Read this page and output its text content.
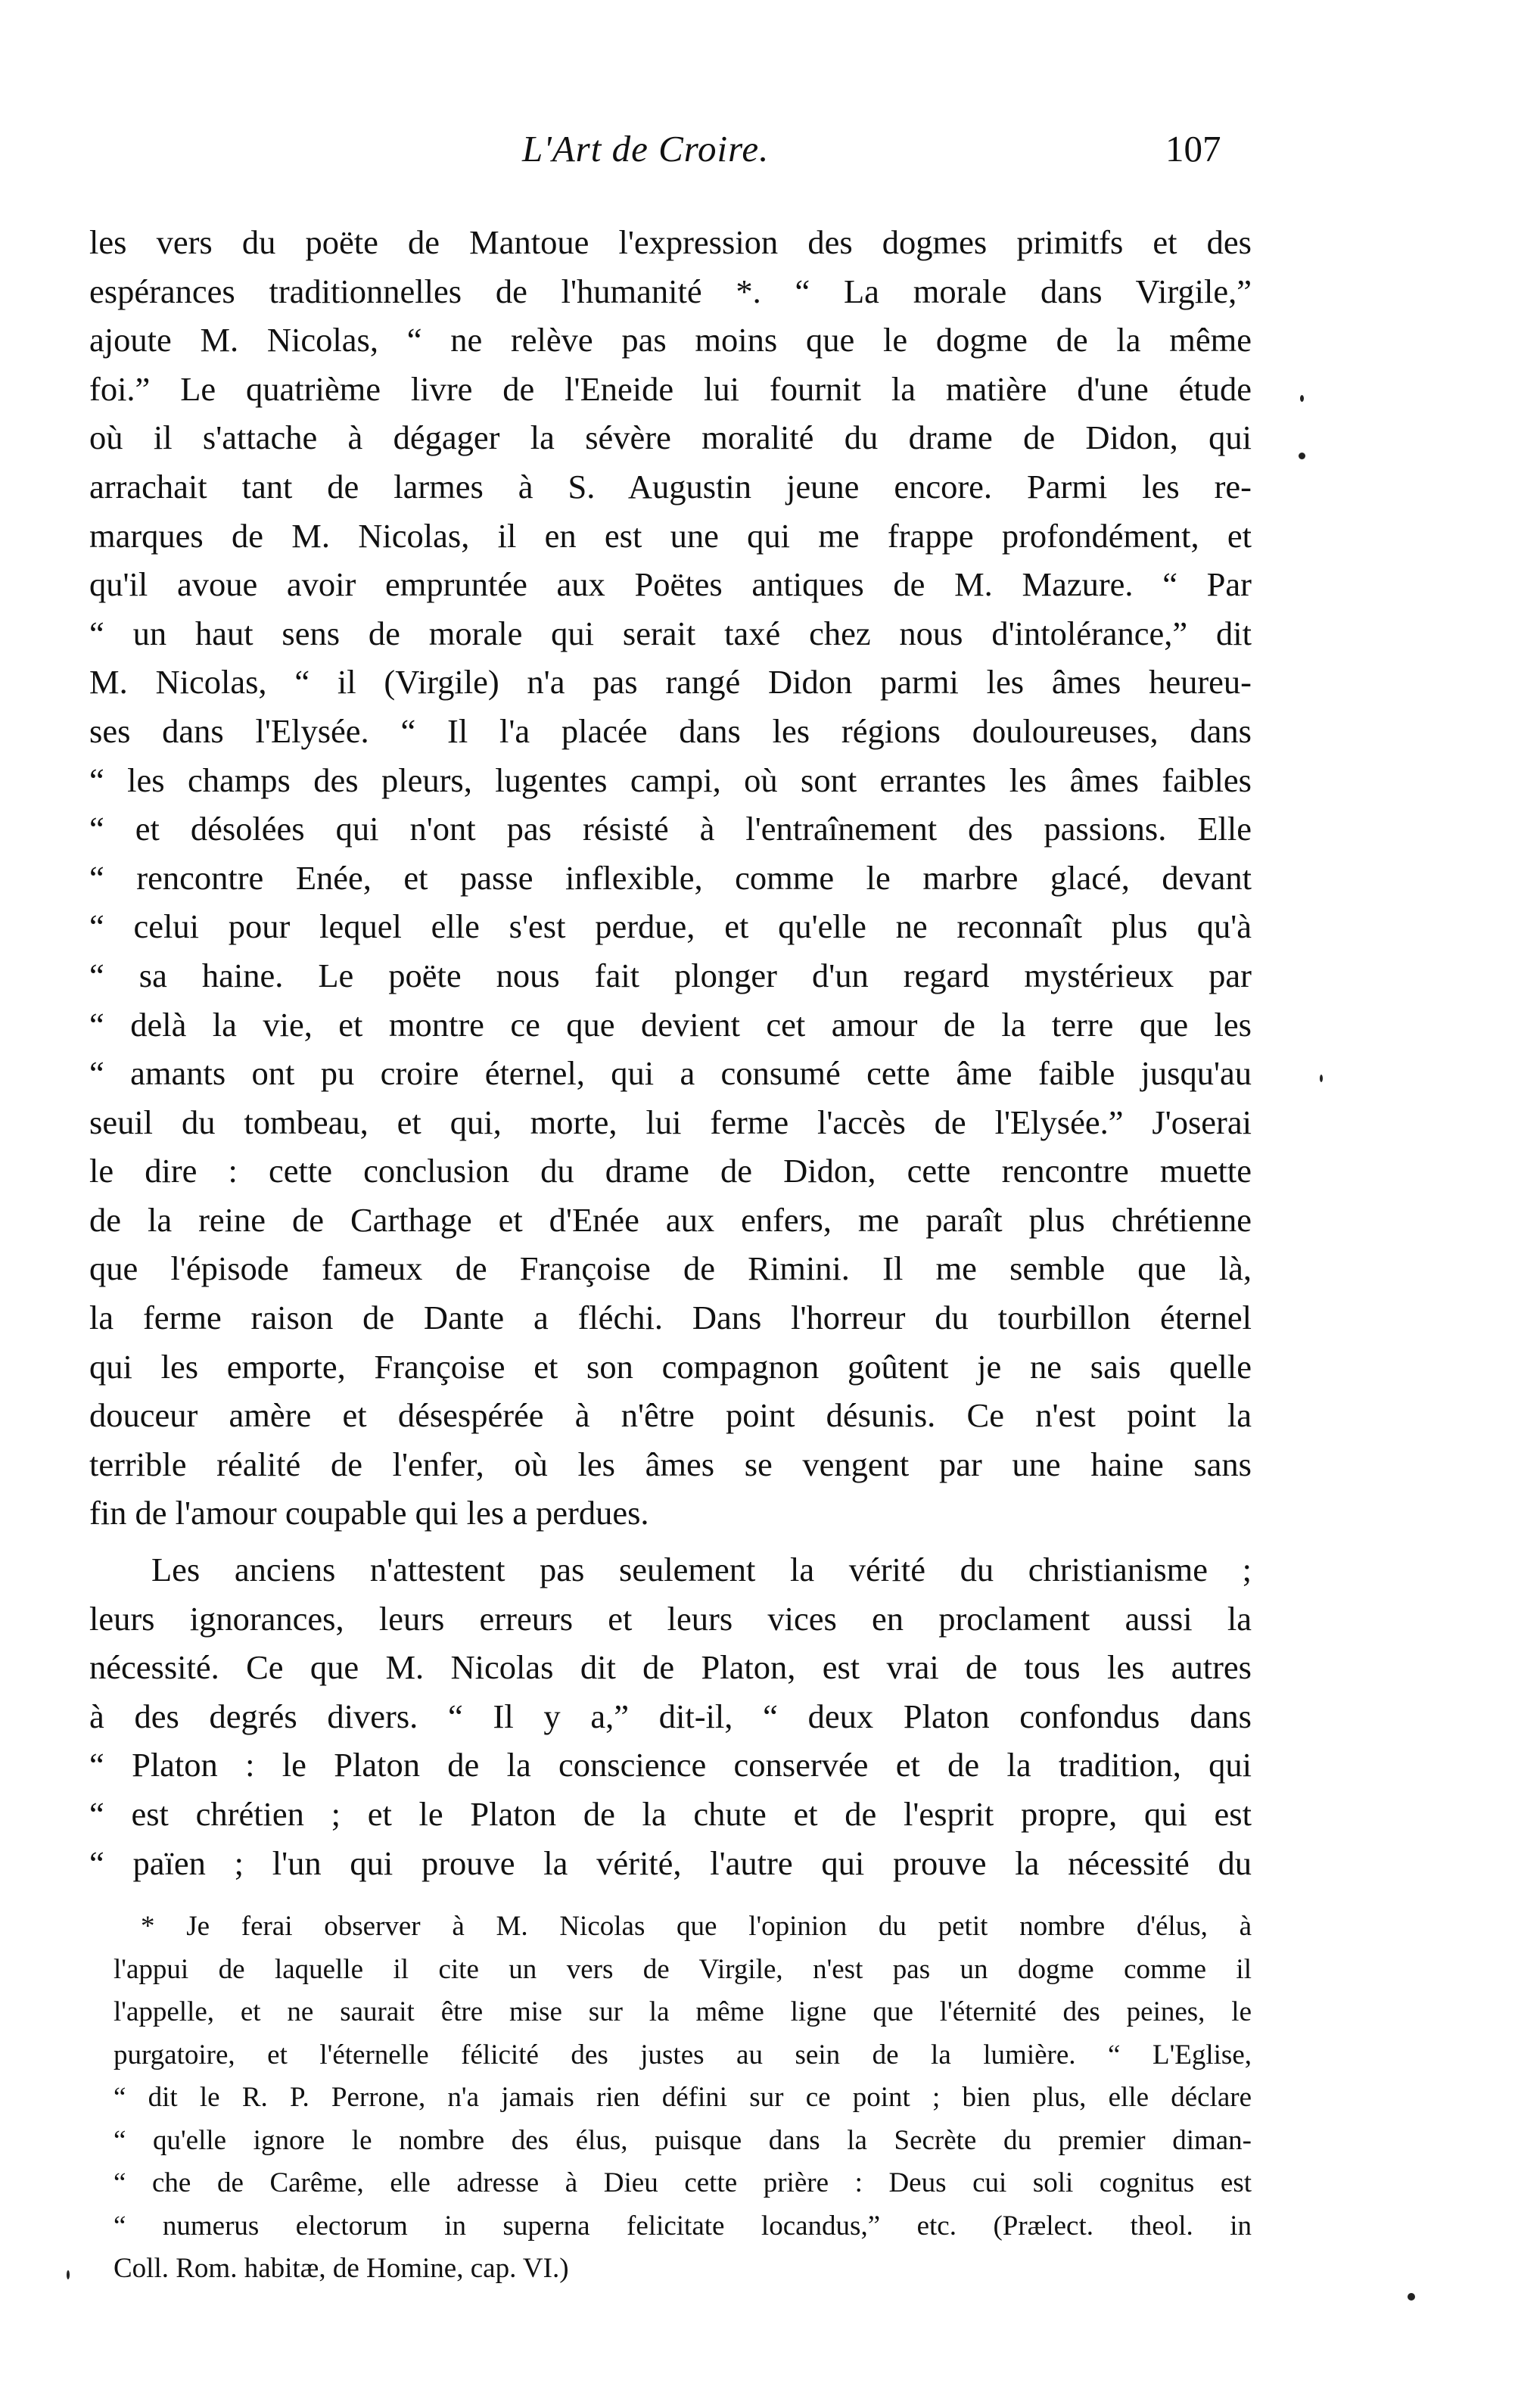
L'Art de Croire.	107
les vers du poëte de Mantoue l'expression des dogmes primitfs et des
espérances traditionnelles de l'humanité *. “ La morale dans Virgile,”
ajoute M. Nicolas, “ ne relève pas moins que le dogme de la même
foi.” Le quatrième livre de l'Eneide lui fournit la matière d'une étude
où il s'attache à dégager la sévère moralité du drame de Didon, qui
arrachait tant de larmes à S. Augustin jeune encore. Parmi les re-
marques de M. Nicolas, il en est une qui me frappe profondément, et
qu'il avoue avoir empruntée aux Poëtes antiques de M. Mazure. “ Par
“ un haut sens de morale qui serait taxé chez nous d'intolérance,” dit
M. Nicolas, “ il (Virgile) n'a pas rangé Didon parmi les âmes heureu-
ses dans l'Elysée. “ Il l'a placée dans les régions douloureuses, dans
“ les champs des pleurs, lugentes campi, où sont errantes les âmes faibles
“ et désolées qui n'ont pas résisté à l'entraînement des passions. Elle
“ rencontre Enée, et passe inflexible, comme le marbre glacé, devant
“ celui pour lequel elle s'est perdue, et qu'elle ne reconnaît plus qu'à
“ sa haine. Le poëte nous fait plonger d'un regard mystérieux par
“ delà la vie, et montre ce que devient cet amour de la terre que les
“ amants ont pu croire éternel, qui a consumé cette âme faible jusqu'au
seuil du tombeau, et qui, morte, lui ferme l'accès de l'Elysée.” J'oserai
le dire : cette conclusion du drame de Didon, cette rencontre muette
de la reine de Carthage et d'Enée aux enfers, me paraît plus chrétienne
que l'épisode fameux de Françoise de Rimini. Il me semble que là,
la ferme raison de Dante a fléchi. Dans l'horreur du tourbillon éternel
qui les emporte, Françoise et son compagnon goûtent je ne sais quelle
douceur amère et désespérée à n'être point désunis. Ce n'est point la
terrible réalité de l'enfer, où les âmes se vengent par une haine sans
fin de l'amour coupable qui les a perdues.
Les anciens n'attestent pas seulement la vérité du christianisme ;
leurs ignorances, leurs erreurs et leurs vices en proclament aussi la
nécessité. Ce que M. Nicolas dit de Platon, est vrai de tous les autres
à des degrés divers. “ Il y a,” dit-il, “ deux Platon confondus dans
“ Platon : le Platon de la conscience conservée et de la tradition, qui
“ est chrétien ; et le Platon de la chute et de l'esprit propre, qui est
“ païen ; l'un qui prouve la vérité, l'autre qui prouve la nécessité du
* Je ferai observer à M. Nicolas que l'opinion du petit nombre d'élus, à
l'appui de laquelle il cite un vers de Virgile, n'est pas un dogme comme il
l'appelle, et ne saurait être mise sur la même ligne que l'éternité des peines, le
purgatoire, et l'éternelle félicité des justes au sein de la lumière. “ L'Eglise,
“ dit le R. P. Perrone, n'a jamais rien défini sur ce point ; bien plus, elle déclare
“ qu'elle ignore le nombre des élus, puisque dans la Secrète du premier diman-
“ che de Carême, elle adresse à Dieu cette prière : Deus cui soli cognitus est
“ numerus electorum in superna felicitate locandus,” etc. (Prælect. theol. in
Coll. Rom. habitæ, de Homine, cap. VI.)
